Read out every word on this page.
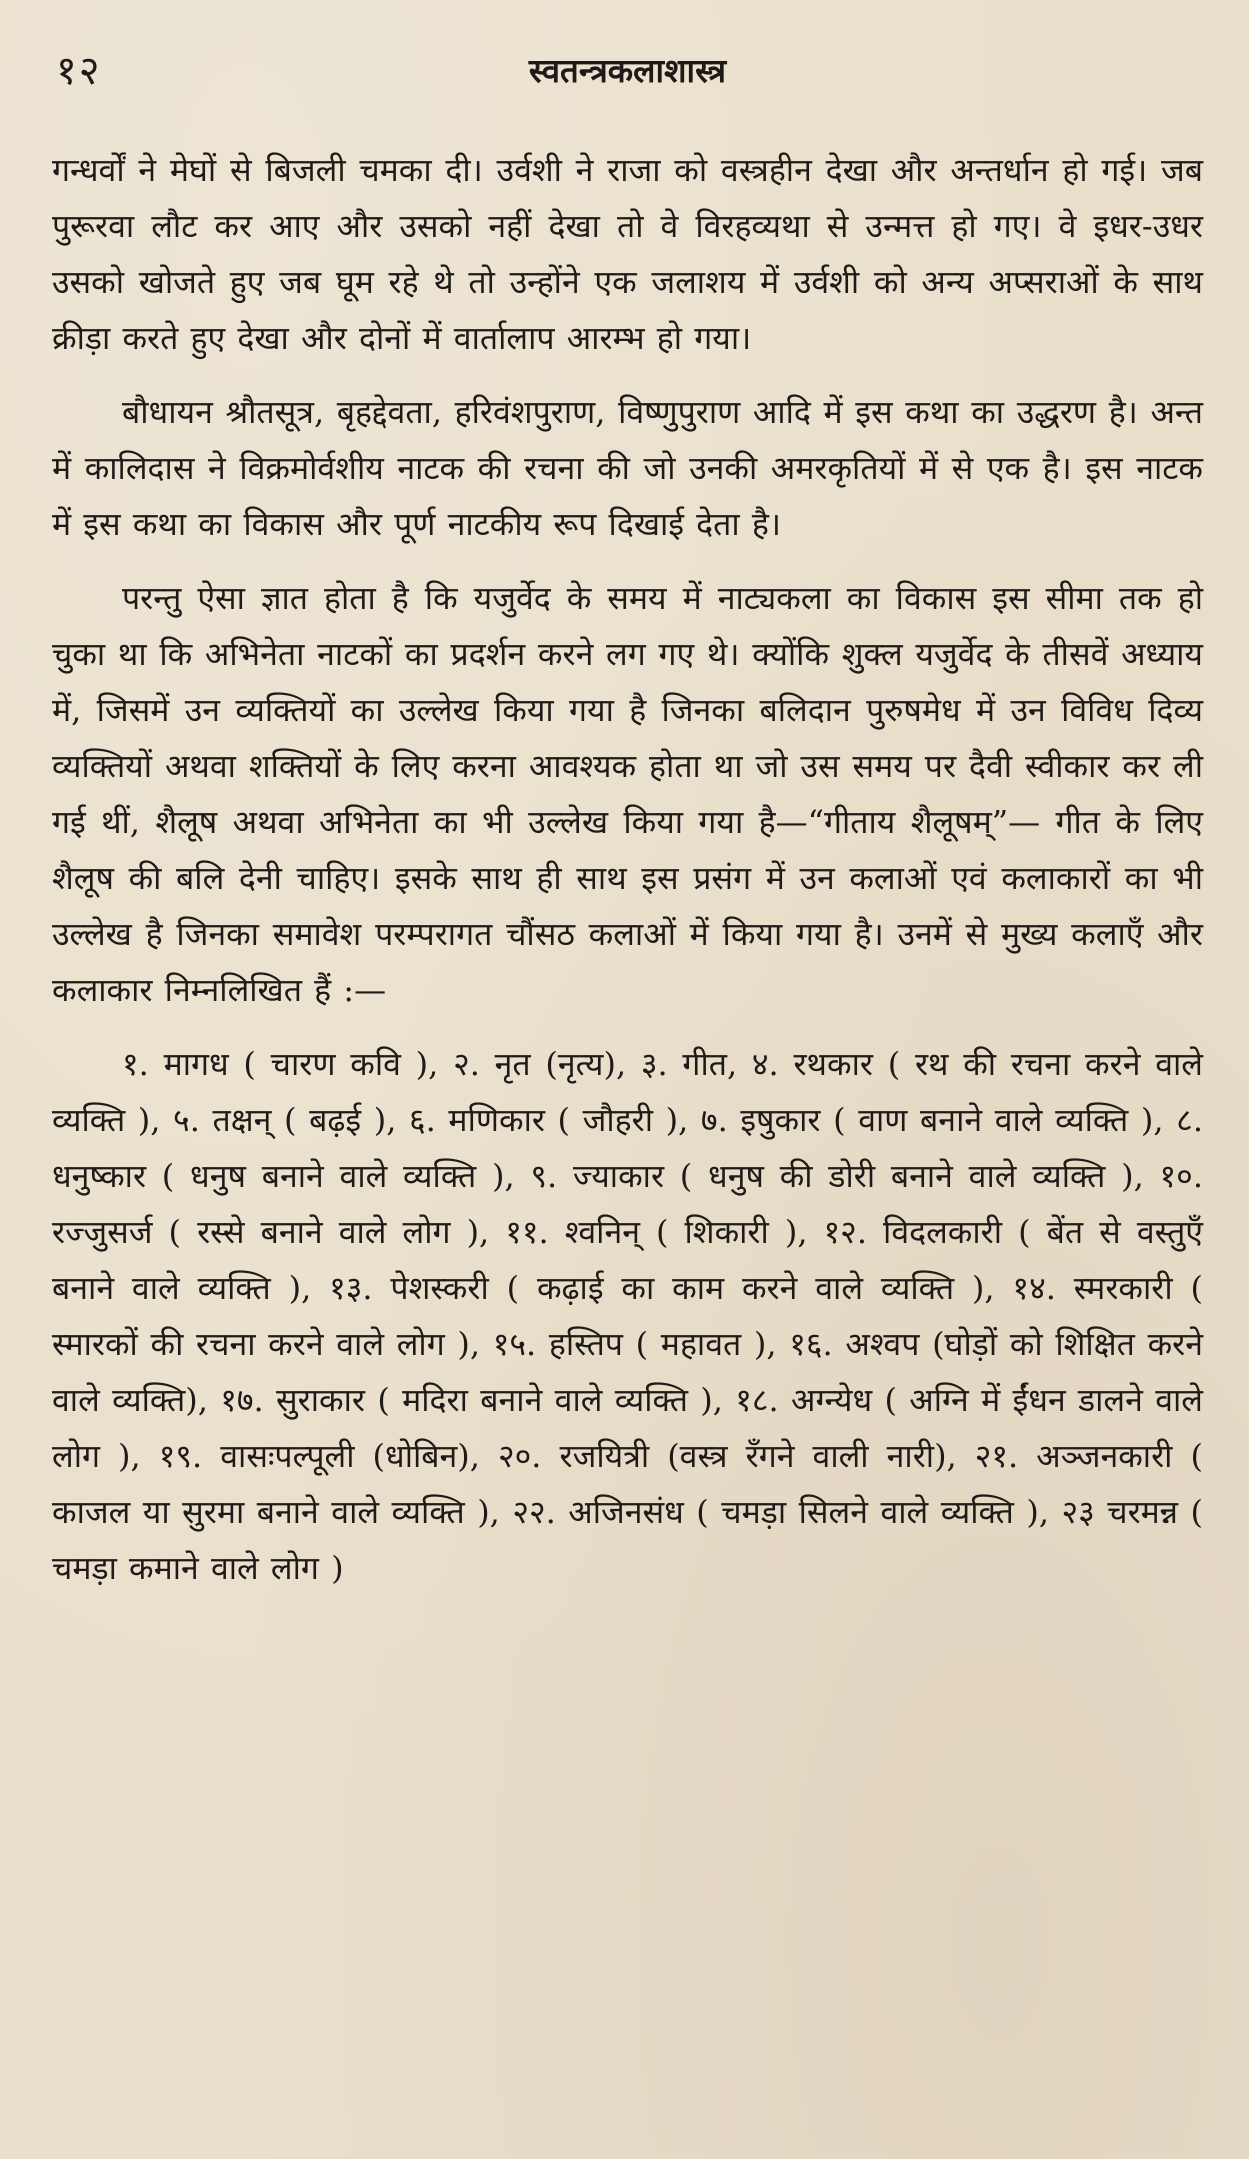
१२	स्वतन्त्रकलाशास्त्र

गन्धर्वों ने मेघों से बिजली चमका दी। उर्वशी ने राजा को वस्त्रहीन देखा और अन्तर्धान हो गई। जब पुरूरवा लौट कर आए और उसको नहीं देखा तो वे विरहव्यथा से उन्मत्त हो गए। वे इधर-उधर उसको खोजते हुए जब घूम रहे थे तो उन्होंने एक जलाशय में उर्वशी को अन्य अप्सराओं के साथ क्रीड़ा करते हुए देखा और दोनों में वार्तालाप आरम्भ हो गया।

बौधायन श्रौतसूत्र, बृहद्देवता, हरिवंशपुराण, विष्णुपुराण आदि में इस कथा का उद्धरण है। अन्त में कालिदास ने विक्रमोर्वशीय नाटक की रचना की जो उनकी अमरकृतियों में से एक है। इस नाटक में इस कथा का विकास और पूर्ण नाटकीय रूप दिखाई देता है।

परन्तु ऐसा ज्ञात होता है कि यजुर्वेद के समय में नाट्यकला का विकास इस सीमा तक हो चुका था कि अभिनेता नाटकों का प्रदर्शन करने लग गए थे। क्योंकि शुक्ल यजुर्वेद के तीसवें अध्याय में, जिसमें उन व्यक्तियों का उल्लेख किया गया है जिनका बलिदान पुरुषमेध में उन विविध दिव्य व्यक्तियों अथवा शक्तियों के लिए करना आवश्यक होता था जो उस समय पर दैवी स्वीकार कर ली गई थीं, शैलूष अथवा अभिनेता का भी उल्लेख किया गया है—“गीताय शैलूषम्”— गीत के लिए शैलूष की बलि देनी चाहिए। इसके साथ ही साथ इस प्रसंग में उन कलाओं एवं कलाकारों का भी उल्लेख है जिनका समावेश परम्परागत चौंसठ कलाओं में किया गया है। उनमें से मुख्य कलाएँ और कलाकार निम्नलिखित हैं :—

१. मागध ( चारण कवि ), २. नृत (नृत्य), ३. गीत, ४. रथकार ( रथ की रचना करने वाले व्यक्ति ), ५. तक्षन् ( बढ़ई ), ६. मणिकार ( जौहरी ), ७. इषुकार ( वाण बनाने वाले व्यक्ति ), ८. धनुष्कार ( धनुष बनाने वाले व्यक्ति ), ९. ज्याकार ( धनुष की डोरी बनाने वाले व्यक्ति ), १०. रज्जुसर्ज ( रस्से बनाने वाले लोग ), ११. श्वनिन् ( शिकारी ), १२. विदलकारी ( बेंत से वस्तुएँ बनाने वाले व्यक्ति ), १३. पेशस्करी ( कढ़ाई का काम करने वाले व्यक्ति ), १४. स्मरकारी ( स्मारकों की रचना करने वाले लोग ), १५. हस्तिप ( महावत ), १६. अश्वप (घोड़ों को शिक्षित करने वाले व्यक्ति), १७. सुराकार ( मदिरा बनाने वाले व्यक्ति ), १८. अग्न्येध ( अग्नि में ईंधन डालने वाले लोग ), १९. वासःपल्पूली (धोबिन), २०. रजयित्री (वस्त्र रँगने वाली नारी), २१. अञ्जनकारी ( काजल या सुरमा बनाने वाले व्यक्ति ), २२. अजिनसंध ( चमड़ा सिलने वाले व्यक्ति ), २३ चरमन्न ( चमड़ा कमाने वाले लोग )
